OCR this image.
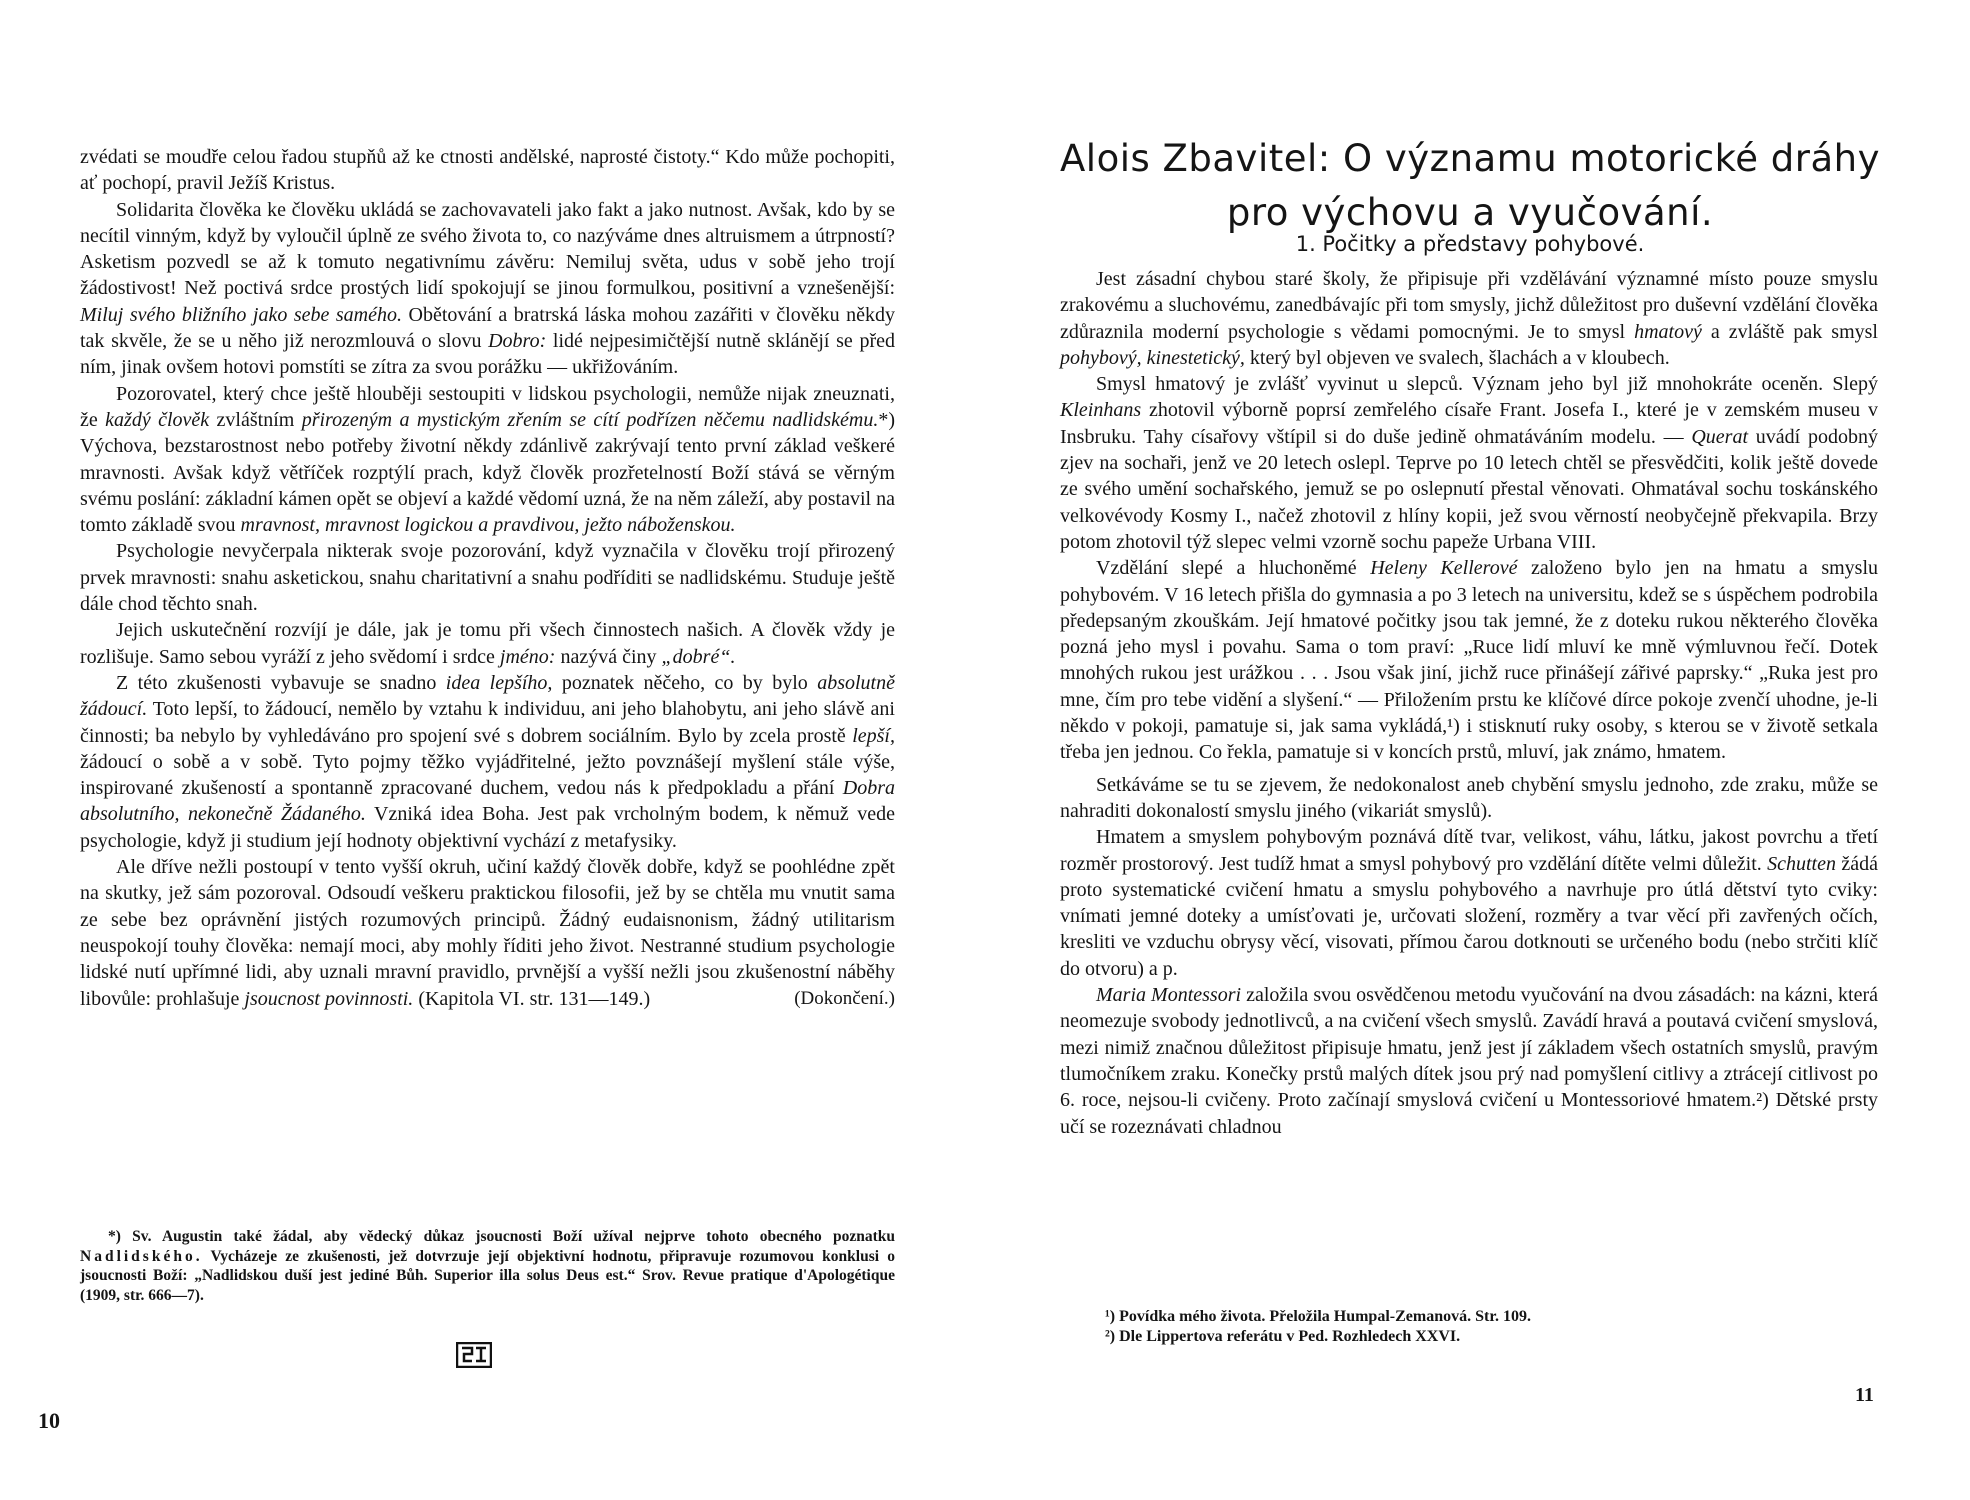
zvédati se moudře celou řadou stupňů až ke ctnosti andělské, naprosté čistoty.“ Kdo může pochopiti, ať pochopí, pravil Ježíš Kristus.

Solidarita člověka ke člověku ukládá se zachovavateli jako fakt a jako nutnost. Avšak, kdo by se necítil vinným, když by vyloučil úplně ze svého života to, co nazýváme dnes altruismem a útrpností? Asketism pozvedl se až k tomuto negativnímu závěru: Nemiluj světa, udus v sobě jeho trojí žádostivost! Než poctivá srdce prostých lidí spokojují se jinou formulkou, positivní a vznešenější: Miluj svého bližního jako sebe samého. Obětování a bratrská láska mohou zazářiti v člověku někdy tak skvěle, že se u něho již nerozmlouvá o slovu Dobro: lidé nejpesimičtější nutně sklánějí se před ním, jinak ovšem hotovi pomstíti se zítra za svou porážku — ukřižováním.

Pozorovatel, který chce ještě hlouběji sestoupiti v lidskou psychologii, nemůže nijak zneuznati, že každý člověk zvláštním přirozeným a mystickým zřením se cítí podřízen něčemu nadlidskému.*) Výchova, bezstarostnost nebo potřeby životní někdy zdánlivě zakrývají tento první základ veškeré mravnosti. Avšak když větříček rozptýlí prach, když člověk prozřetelností Boží stává se věrným svému poslání: základní kámen opět se objeví a každé vědomí uzná, že na něm záleží, aby postavil na tomto základě svou mravnost, mravnost logickou a pravdivou, ježto náboženskou.

Psychologie nevyčerpala nikterak svoje pozorování, když vyznačila v člověku trojí přirozený prvek mravnosti: snahu asketickou, snahu charitativní a snahu podříditi se nadlidskému. Studuje ještě dále chod těchto snah.

Jejich uskutečnění rozvíjí je dále, jak je tomu při všech činnostech našich. A člověk vždy je rozlišuje. Samo sebou vyráží z jeho svědomí i srdce jméno: nazývá činy „dobré“.

Z této zkušenosti vybavuje se snadno idea lepšího, poznatek něčeho, co by bylo absolutně žádoucí. Toto lepší, to žádoucí, nemělo by vztahu k individuu, ani jeho blahobytu, ani jeho slávě ani činnosti; ba nebylo by vyhledáváno pro spojení své s dobrem sociálním. Bylo by zcela prostě lepší, žádoucí o sobě a v sobě. Tyto pojmy těžko vyjádřitelné, ježto povznášejí myšlení stále výše, inspirované zkušeností a spontanně zpracované duchem, vedou nás k předpokladu a přání Dobra absolutního, nekonečně Žádaného. Vzniká idea Boha. Jest pak vrcholným bodem, k němuž vede psychologie, když ji studium její hodnoty objektivní vychází z metafysiky.

Ale dříve nežli postoupí v tento vyšší okruh, učiní každý člověk dobře, když se poohlédne zpět na skutky, jež sám pozoroval. Odsoudí veškeru praktickou filosofii, jež by se chtěla mu vnutit sama ze sebe bez oprávnění jistých rozumových principů. Žádný eudaisnonism, žádný utilitarism neuspokojí touhy člověka: nemají moci, aby mohly říditi jeho život. Nestranné studium psychologie lidské nutí upřímné lidi, aby uznali mravní pravidlo, prvnější a vyšší nežli jsou zkušenostní náběhy libovůle: prohlašuje jsoucnost povinnosti. (Kapitola VI. str. 131—149.)	(Dokončení.)

*) Sv. Augustin také žádal, aby vědecký důkaz jsoucnosti Boží užíval nejprve tohoto obecného poznatku Nadlidského. Vycházeje ze zkušenosti, jež dotvrzuje její objektivní hodnotu, připravuje rozumovou konklusi o jsoucnosti Boží: „Nadlidskou duší jest jediné Bůh. Superior illa solus Deus est.“ Srov. Revue pratique d'Apologétique (1909, str. 666—7).
10
Alois Zbavitel: O významu motorické dráhy pro výchovu a vyučování.
1. Počitky a představy pohybové.

Jest zásadní chybou staré školy, že připisuje při vzdělávání významné místo pouze smyslu zrakovému a sluchovému, zanedbávajíc při tom smysly, jichž důležitost pro duševní vzdělání člověka zdůraznila moderní psychologie s vědami pomocnými. Je to smysl hmatový a zvláště pak smysl pohybový, kinestetický, který byl objeven ve svalech, šlachách a v kloubech.

Smysl hmatový je zvlášť vyvinut u slepců. Význam jeho byl již mnohokráte oceněn. Slepý Kleinhans zhotovil výborně poprsí zemřelého císaře Frant. Josefa I., které je v zemském museu v Insbruku. Tahy císařovy vštípil si do duše jedině ohmatáváním modelu. — Querat uvádí podobný zjev na sochaři, jenž ve 20 letech oslepl. Teprve po 10 letech chtěl se přesvědčiti, kolik ještě dovede ze svého umění sochařského, jemuž se po oslepnutí přestal věnovati. Ohmatával sochu toskánského velkovévody Kosmy I., načež zhotovil z hlíny kopii, jež svou věrností neobyčejně překvapila. Brzy potom zhotovil týž slepec velmi vzorně sochu papeže Urbana VIII.

Vzdělání slepé a hluchoněmé Heleny Kellerové založeno bylo jen na hmatu a smyslu pohybovém. V 16 letech přišla do gymnasia a po 3 letech na universitu, kdež se s úspěchem podrobila předepsaným zkouškám. Její hmatové počitky jsou tak jemné, že z doteku rukou některého člověka pozná jeho mysl i povahu. Sama o tom praví: „Ruce lidí mluví ke mně výmluvnou řečí. Dotek mnohých rukou jest urážkou . . . Jsou však jiní, jichž ruce přinášejí zářivé paprsky.“ „Ruka jest pro mne, čím pro tebe vidění a slyšení.“ — Přiložením prstu ke klíčové dírce pokoje zvenčí uhodne, je-li někdo v pokoji, pamatuje si, jak sama vykládá,¹) i stisknutí ruky osoby, s kterou se v životě setkala třeba jen jednou. Co řekla, pamatuje si v koncích prstů, mluví, jak známo, hmatem.

Setkáváme se tu se zjevem, že nedokonalost aneb chybění smyslu jednoho, zde zraku, může se nahraditi dokonalostí smyslu jiného (vikariát smyslů).

Hmatem a smyslem pohybovým poznává dítě tvar, velikost, váhu, látku, jakost povrchu a třetí rozměr prostorový. Jest tudíž hmat a smysl pohybový pro vzdělání dítěte velmi důležit. Schutten žádá proto systematické cvičení hmatu a smyslu pohybového a navrhuje pro útlá dětství tyto cviky: vnímati jemné doteky a umísťovati je, určovati složení, rozměry a tvar věcí při zavřených očích, kresliti ve vzduchu obrysy věcí, visovati, přímou čarou dotknouti se určeného bodu (nebo strčiti klíč do otvoru) a p.

Maria Montessori založila svou osvědčenou metodu vyučování na dvou zásadách: na kázni, která neomezuje svobody jednotlivců, a na cvičení všech smyslů. Zavádí hravá a poutavá cvičení smyslová, mezi nimiž značnou důležitost připisuje hmatu, jenž jest jí základem všech ostatních smyslů, pravým tlumočníkem zraku. Konečky prstů malých dítek jsou prý nad pomyšlení citlivy a ztrácejí citlivost po 6. roce, nejsou-li cvičeny. Proto začínají smyslová cvičení u Montessoriové hmatem.²) Dětské prsty učí se rozeznávati chladnou

¹) Povídka mého života. Přeložila Humpal-Zemanová. Str. 109.
²) Dle Lippertova referátu v Ped. Rozhledech XXVI.
11
